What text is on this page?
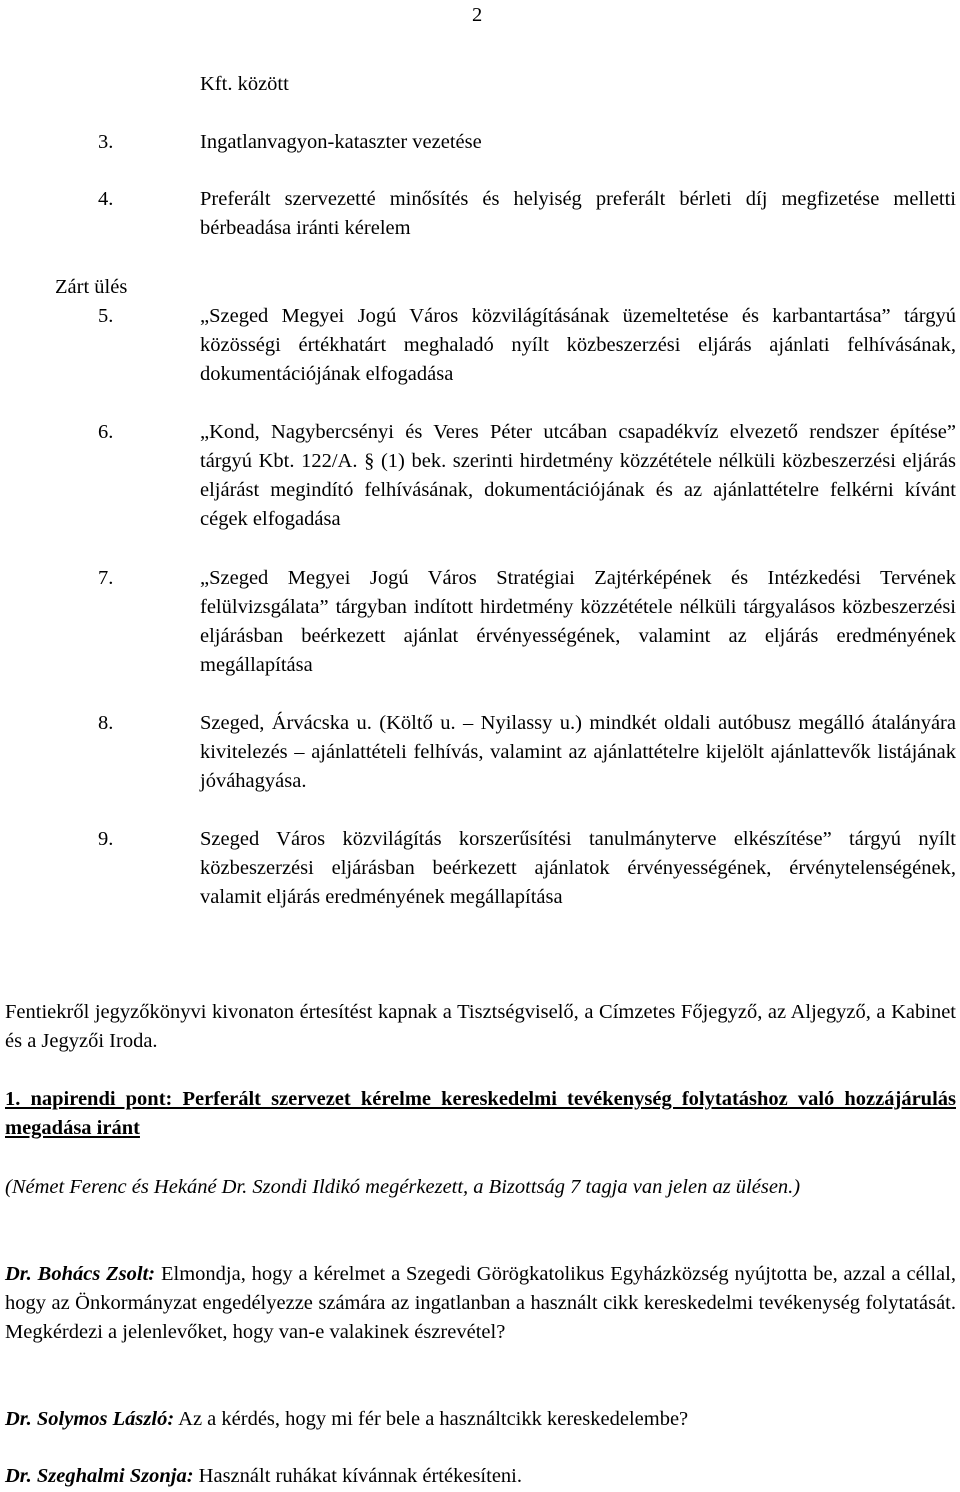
2
Kft. között
3.	Ingatlanvagyon-kataszter vezetése
4.	Preferált szervezetté minősítés és helyiség preferált bérleti díj megfizetése melletti bérbeadása iránti kérelem
Zárt ülés
5.	„Szeged Megyei Jogú Város közvilágításának üzemeltetése és karbantartása” tárgyú közösségi értékhatárt meghaladó nyílt közbeszerzési eljárás ajánlati felhívásának, dokumentációjának elfogadása
6.	„Kond, Nagybercsényi és Veres Péter utcában csapadékvíz elvezető rendszer építése” tárgyú Kbt. 122/A. § (1) bek. szerinti hirdetmény közzététele nélküli közbeszerzési eljárás eljárást megindító felhívásának, dokumentációjának és az ajánlattételre felkérni kívánt cégek elfogadása
7.	„Szeged Megyei Jogú Város Stratégiai Zajtérképének és Intézkedési Tervének felülvizsgálata” tárgyban indított hirdetmény közzététele nélküli tárgyalásos közbeszerzési eljárásban beérkezett ajánlat érvényességének, valamint az eljárás eredményének megállapítása
8.	Szeged, Árvácska u. (Költő u. – Nyilassy u.) mindkét oldali autóbusz megálló átalányára kivitelezés – ajánlattételi felhívás, valamint az ajánlattételre kijelölt ajánlattevők listájának jóváhagyása.
9.	Szeged Város közvilágítás korszerűsítési tanulmányterve elkészítése” tárgyú nyílt közbeszerzési eljárásban beérkezett ajánlatok érvényességének, érvénytelenségének, valamit eljárás eredményének megállapítása
Fentiekről jegyzőkönyvi kivonaton értesítést kapnak a Tisztségviselő, a Címzetes Főjegyző, az Aljegyző, a Kabinet és a Jegyzői Iroda.
1. napirendi pont: Perferált szervezet kérelme kereskedelmi tevékenység folytatáshoz való hozzájárulás megadása iránt
(Német Ferenc és Hekáné Dr. Szondi Ildikó megérkezett, a Bizottság 7 tagja van jelen az ülésen.)
Dr. Bohács Zsolt: Elmondja, hogy a kérelmet a Szegedi Görögkatolikus Egyházközség nyújtotta be, azzal a céllal, hogy az Önkormányzat engedélyezze számára az ingatlanban a használt cikk kereskedelmi tevékenység folytatását. Megkérdezi a jelenlevőket, hogy van-e valakinek észrevétel?
Dr. Solymos László: Az a kérdés, hogy mi fér bele a használtcikk kereskedelembe?
Dr. Szeghalmi Szonja: Használt ruhákat kívánnak értékesíteni.
